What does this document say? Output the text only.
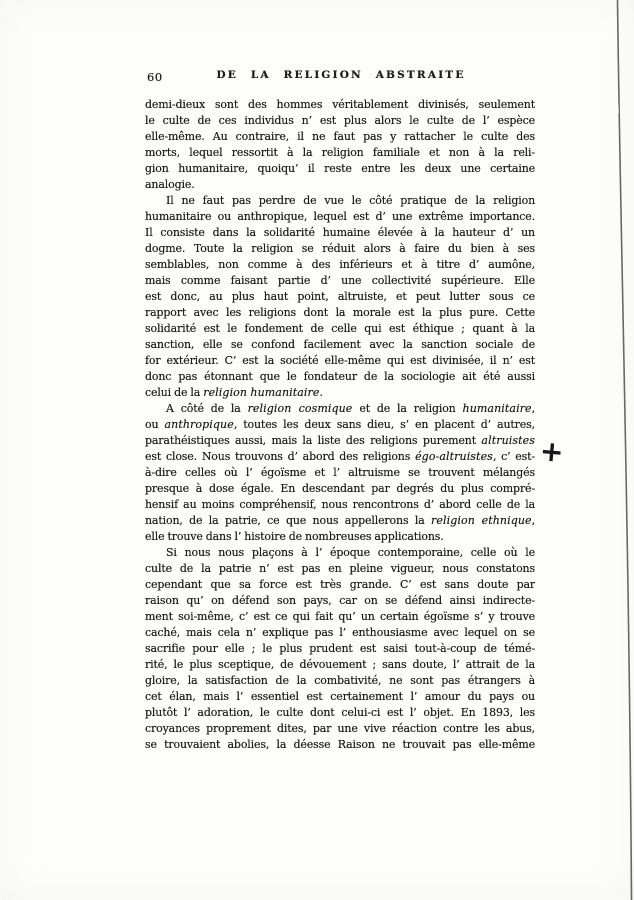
60	DE LA RELIGION ABSTRAITE
demi-dieux sont des hommes véritablement divinisés, seulement
le culte de ces individus n’ est plus alors le culte de l’ espèce
elle-même. Au contraire, il ne faut pas y rattacher le culte des
morts, lequel ressortit à la religion familiale et non à la reli-
gion humanitaire, quoiqu’ il reste entre les deux une certaine
analogie.
Il ne faut pas perdre de vue le côté pratique de la religion
humanitaire ou anthropique, lequel est d’ une extrême importance.
Il consiste dans la solidarité humaine élevée à la hauteur d’ un
dogme. Toute la religion se réduit alors à faire du bien à ses
semblables, non comme à des inférieurs et à titre d’ aumône,
mais comme faisant partie d’ une collectivité supérieure. Elle
est donc, au plus haut point, altruiste, et peut lutter sous ce
rapport avec les religions dont la morale est la plus pure. Cette
solidarité est le fondement de celle qui est éthique ; quant à la
sanction, elle se confond facilement avec la sanction sociale de
for extérieur. C’ est la société elle-même qui est divinisée, il n’ est
donc pas étonnant que le fondateur de la sociologie ait été aussi
celui de la religion humanitaire.
A côté de la religion cosmique et de la religion humanitaire,
ou anthropique, toutes les deux sans dieu, s’ en placent d’ autres,
parathéistiques aussi, mais la liste des religions purement altruistes
est close. Nous trouvons d’ abord des religions égo-altruistes, c’ est-
à-dire celles où l’ égoïsme et l’ altruisme se trouvent mélangés
presque à dose égale. En descendant par degrés du plus compré-
hensif au moins compréhensif, nous rencontrons d’ abord celle de la
nation, de la patrie, ce que nous appellerons la religion ethnique,
elle trouve dans l’ histoire de nombreuses applications.
Si nous nous plaçons à l’ époque contemporaine, celle où le
culte de la patrie n’ est pas en pleine vigueur, nous constatons
cependant que sa force est très grande. C’ est sans doute par
raison qu’ on défend son pays, car on se défend ainsi indirecte-
ment soi-même, c’ est ce qui fait qu’ un certain égoïsme s’ y trouve
caché, mais cela n’ explique pas l’ enthousiasme avec lequel on se
sacrifie pour elle ; le plus prudent est saisi tout-à-coup de témé-
rité, le plus sceptique, de dévouement ; sans doute, l’ attrait de la
gloire, la satisfaction de la combativité, ne sont pas étrangers à
cet élan, mais l’ essentiel est certainement l’ amour du pays ou
plutôt l’ adoration, le culte dont celui-ci est l’ objet. En 1893, les
croyances proprement dites, par une vive réaction contre les abus,
se trouvaient abolies, la déesse Raison ne trouvait pas elle-même
+
